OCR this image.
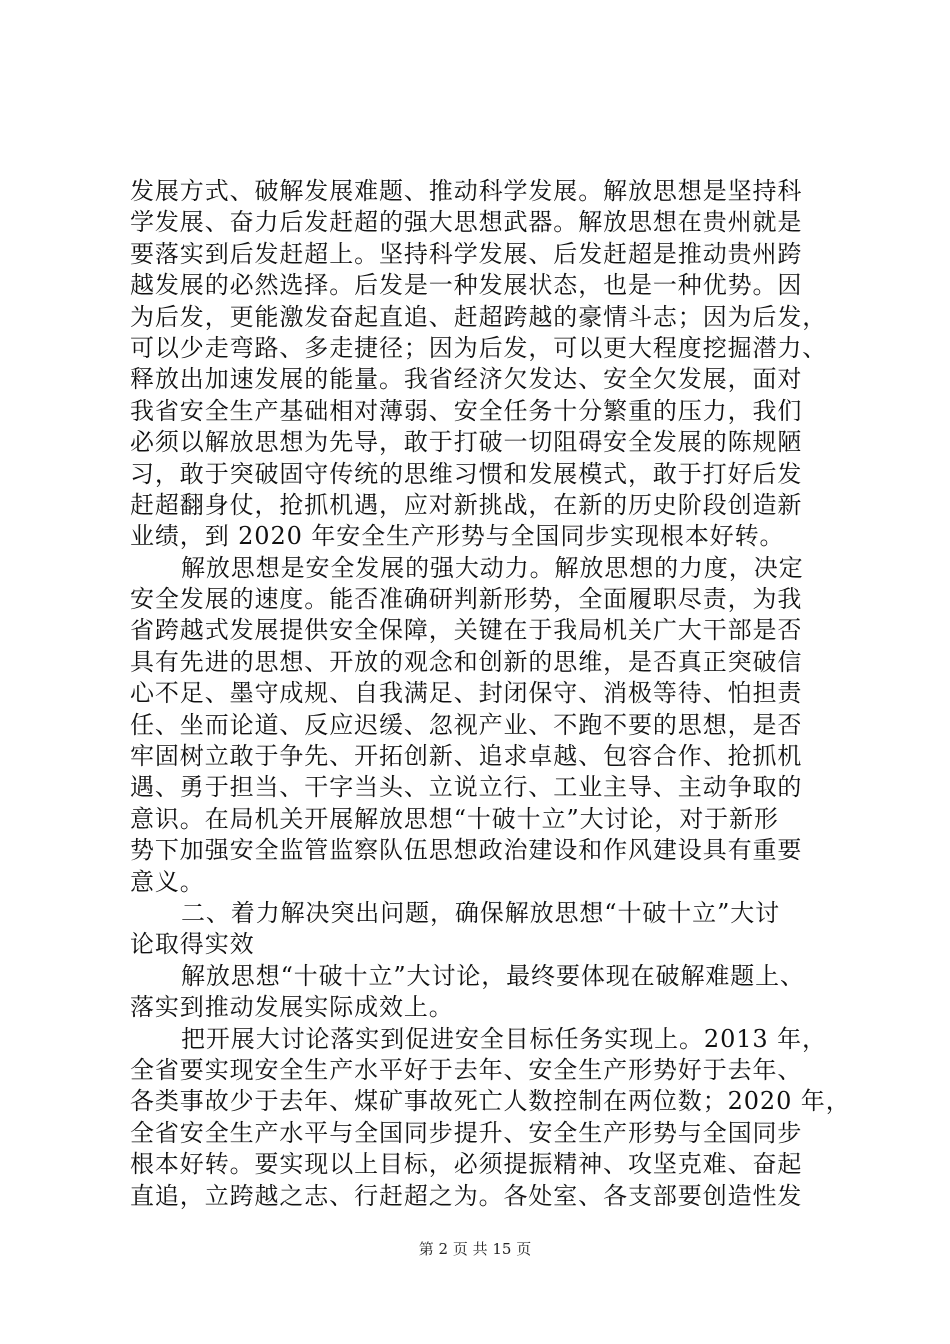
发展方式、破解发展难题、推动科学发展。解放思想是坚持科
学发展、奋力后发赶超的强大思想武器。解放思想在贵州就是
要落实到后发赶超上。坚持科学发展、后发赶超是推动贵州跨
越发展的必然选择。后发是一种发展状态，也是一种优势。因
为后发，更能激发奋起直追、赶超跨越的豪情斗志；因为后发，
可以少走弯路、多走捷径；因为后发，可以更大程度挖掘潜力、
释放出加速发展的能量。我省经济欠发达、安全欠发展，面对
我省安全生产基础相对薄弱、安全任务十分繁重的压力，我们
必须以解放思想为先导，敢于打破一切阻碍安全发展的陈规陋
习，敢于突破固守传统的思维习惯和发展模式，敢于打好后发
赶超翻身仗，抢抓机遇，应对新挑战，在新的历史阶段创造新
业绩，到 2020 年安全生产形势与全国同步实现根本好转。
解放思想是安全发展的强大动力。解放思想的力度，决定
安全发展的速度。能否准确研判新形势，全面履职尽责，为我
省跨越式发展提供安全保障，关键在于我局机关广大干部是否
具有先进的思想、开放的观念和创新的思维，是否真正突破信
心不足、墨守成规、自我满足、封闭保守、消极等待、怕担责
任、坐而论道、反应迟缓、忽视产业、不跑不要的思想，是否
牢固树立敢于争先、开拓创新、追求卓越、包容合作、抢抓机
遇、勇于担当、干字当头、立说立行、工业主导、主动争取的
意识。在局机关开展解放思想“十破十立”大讨论，对于新形
势下加强安全监管监察队伍思想政治建设和作风建设具有重要
意义。
二、着力解决突出问题，确保解放思想“十破十立”大讨
论取得实效
解放思想“十破十立”大讨论，最终要体现在破解难题上、
落实到推动发展实际成效上。
把开展大讨论落实到促进安全目标任务实现上。2013 年，
全省要实现安全生产水平好于去年、安全生产形势好于去年、
各类事故少于去年、煤矿事故死亡人数控制在两位数；2020 年，
全省安全生产水平与全国同步提升、安全生产形势与全国同步
根本好转。要实现以上目标，必须提振精神、攻坚克难、奋起
直追，立跨越之志、行赶超之为。各处室、各支部要创造性发
第 2 页 共 15 页
